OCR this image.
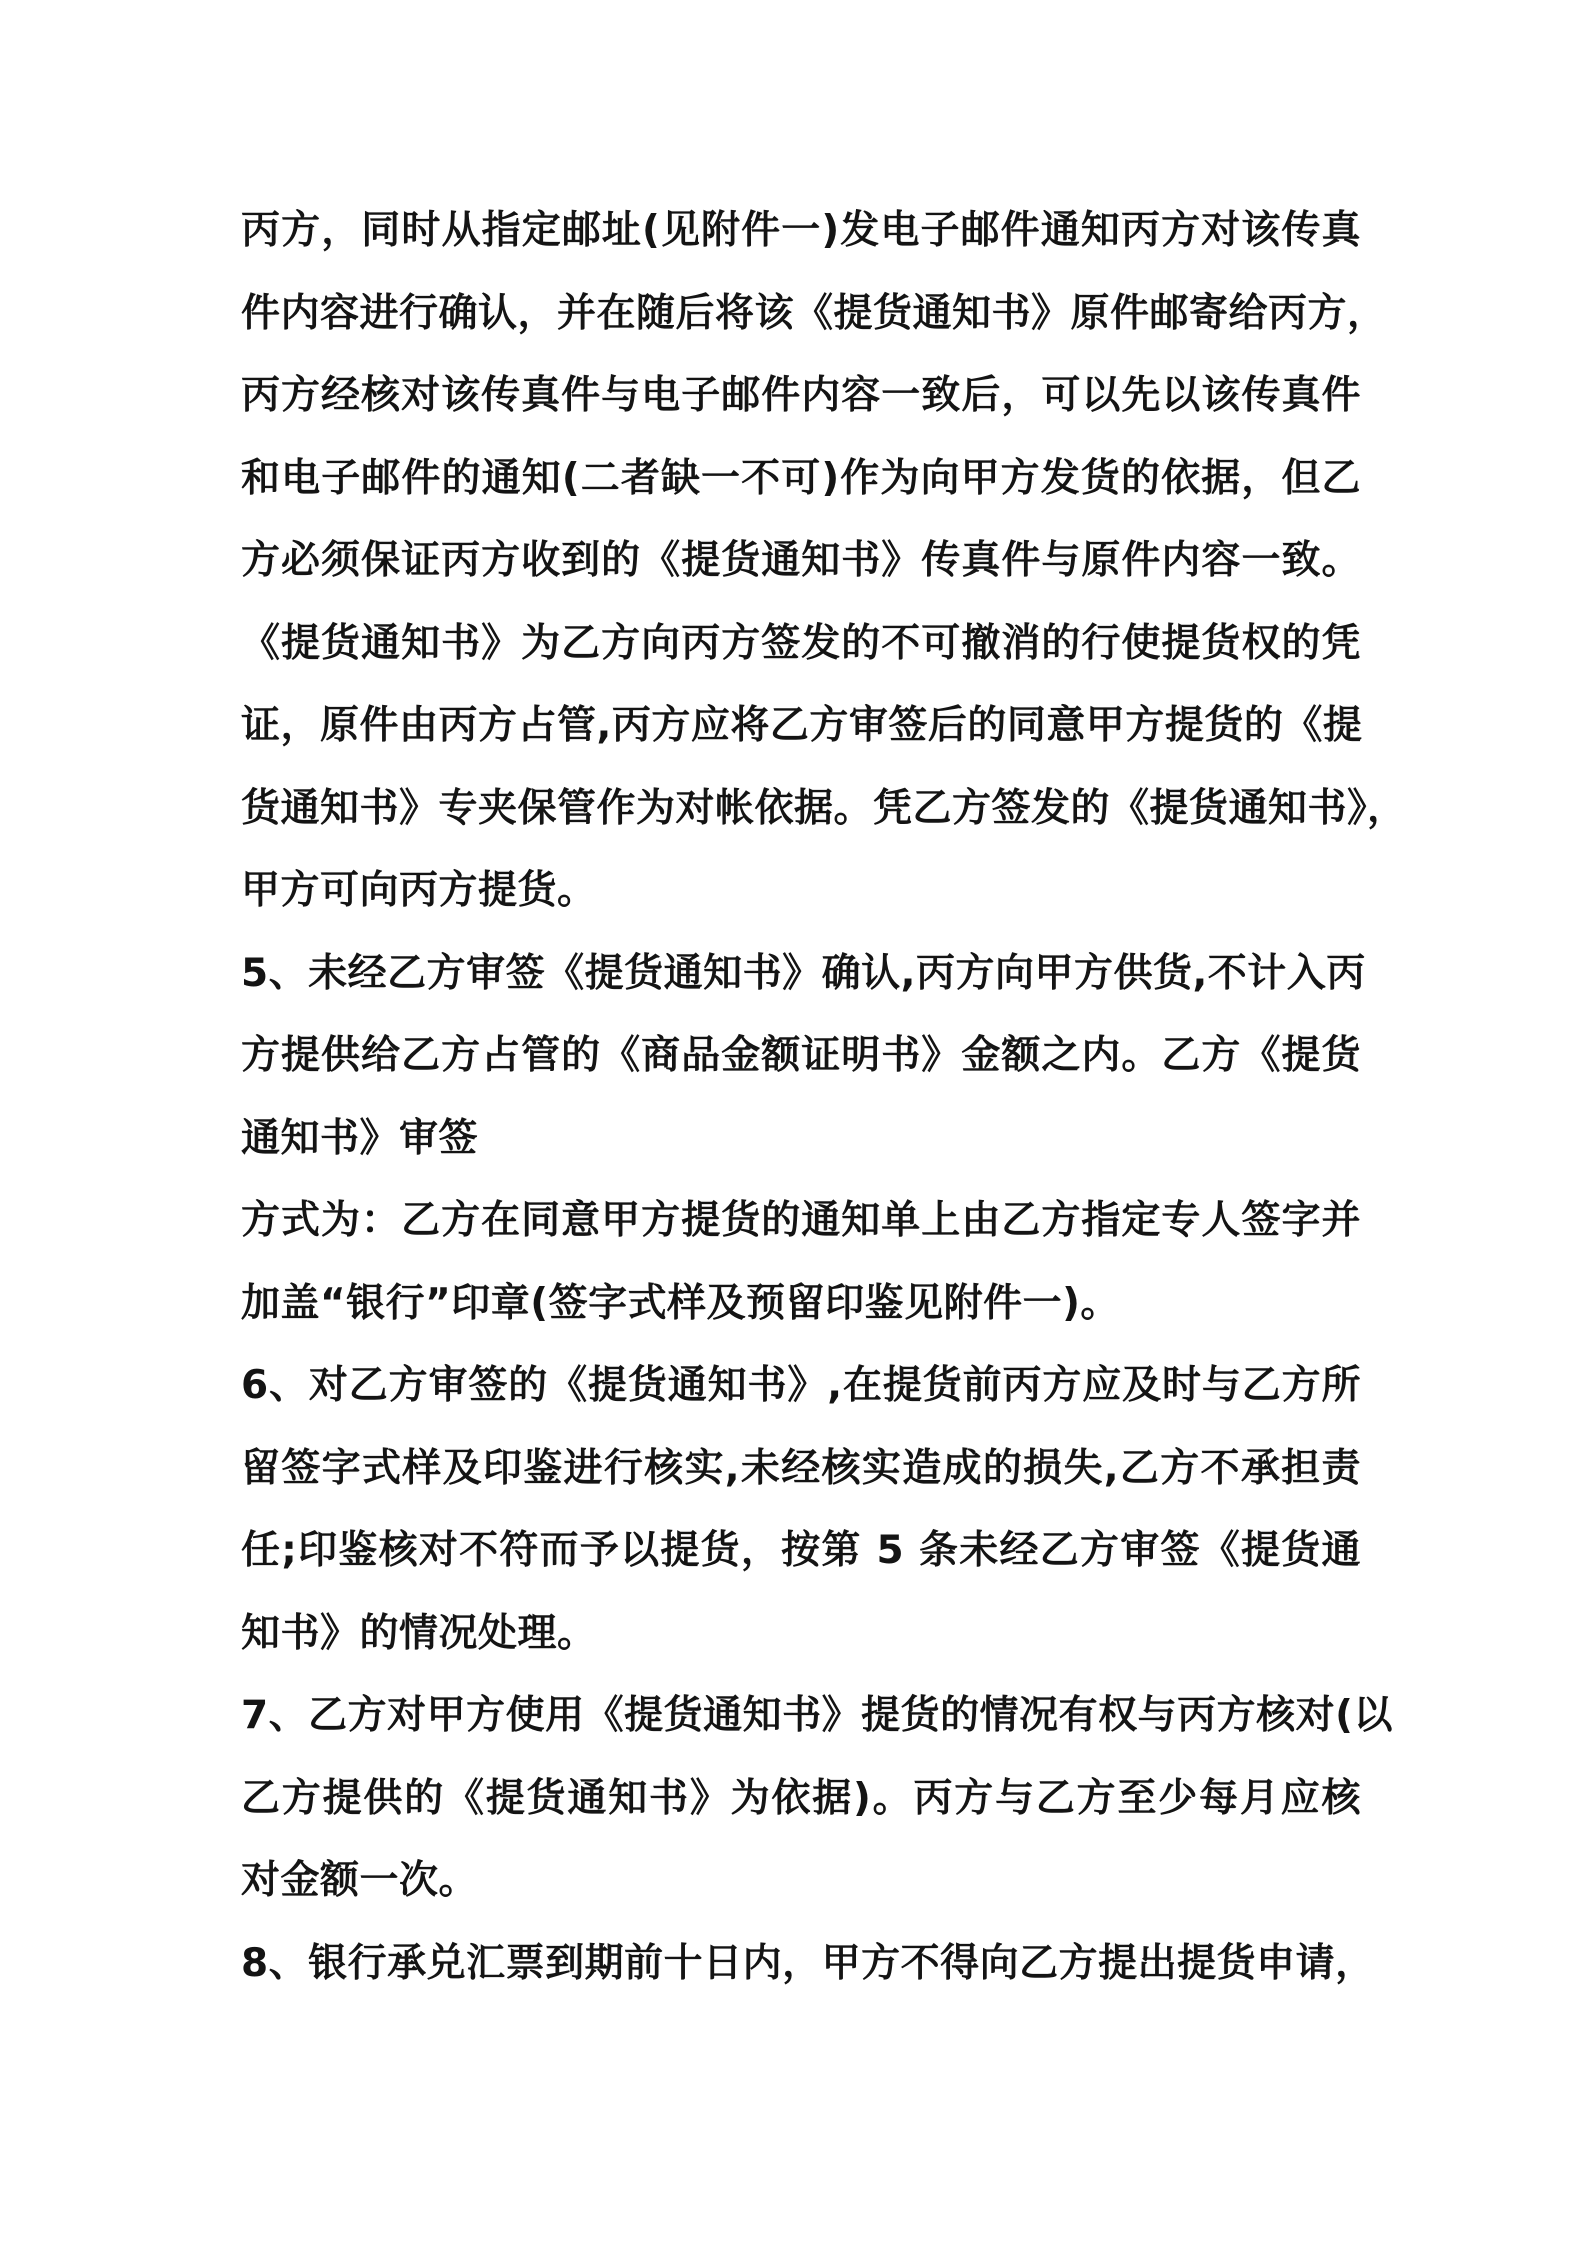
丙方，同时从指定邮址(见附件一)发电子邮件通知丙方对该传真
件内容进行确认，并在随后将该《提货通知书》原件邮寄给丙方，
丙方经核对该传真件与电子邮件内容一致后，可以先以该传真件
和电子邮件的通知(二者缺一不可)作为向甲方发货的依据，但乙
方必须保证丙方收到的《提货通知书》传真件与原件内容一致。
《提货通知书》为乙方向丙方签发的不可撤消的行使提货权的凭
证，原件由丙方占管,丙方应将乙方审签后的同意甲方提货的《提
货通知书》专夹保管作为对帐依据。凭乙方签发的《提货通知书》，
甲方可向丙方提货。
5、未经乙方审签《提货通知书》确认,丙方向甲方供货,不计入丙
方提供给乙方占管的《商品金额证明书》金额之内。乙方《提货
通知书》审签
方式为：乙方在同意甲方提货的通知单上由乙方指定专人签字并
加盖“银行”印章(签字式样及预留印鉴见附件一)。
6、对乙方审签的《提货通知书》,在提货前丙方应及时与乙方所
留签字式样及印鉴进行核实,未经核实造成的损失,乙方不承担责
任;印鉴核对不符而予以提货，按第 5 条未经乙方审签《提货通
知书》的情况处理。
7、乙方对甲方使用《提货通知书》提货的情况有权与丙方核对(以
乙方提供的《提货通知书》为依据)。丙方与乙方至少每月应核
对金额一次。
8、银行承兑汇票到期前十日内，甲方不得向乙方提出提货申请，
